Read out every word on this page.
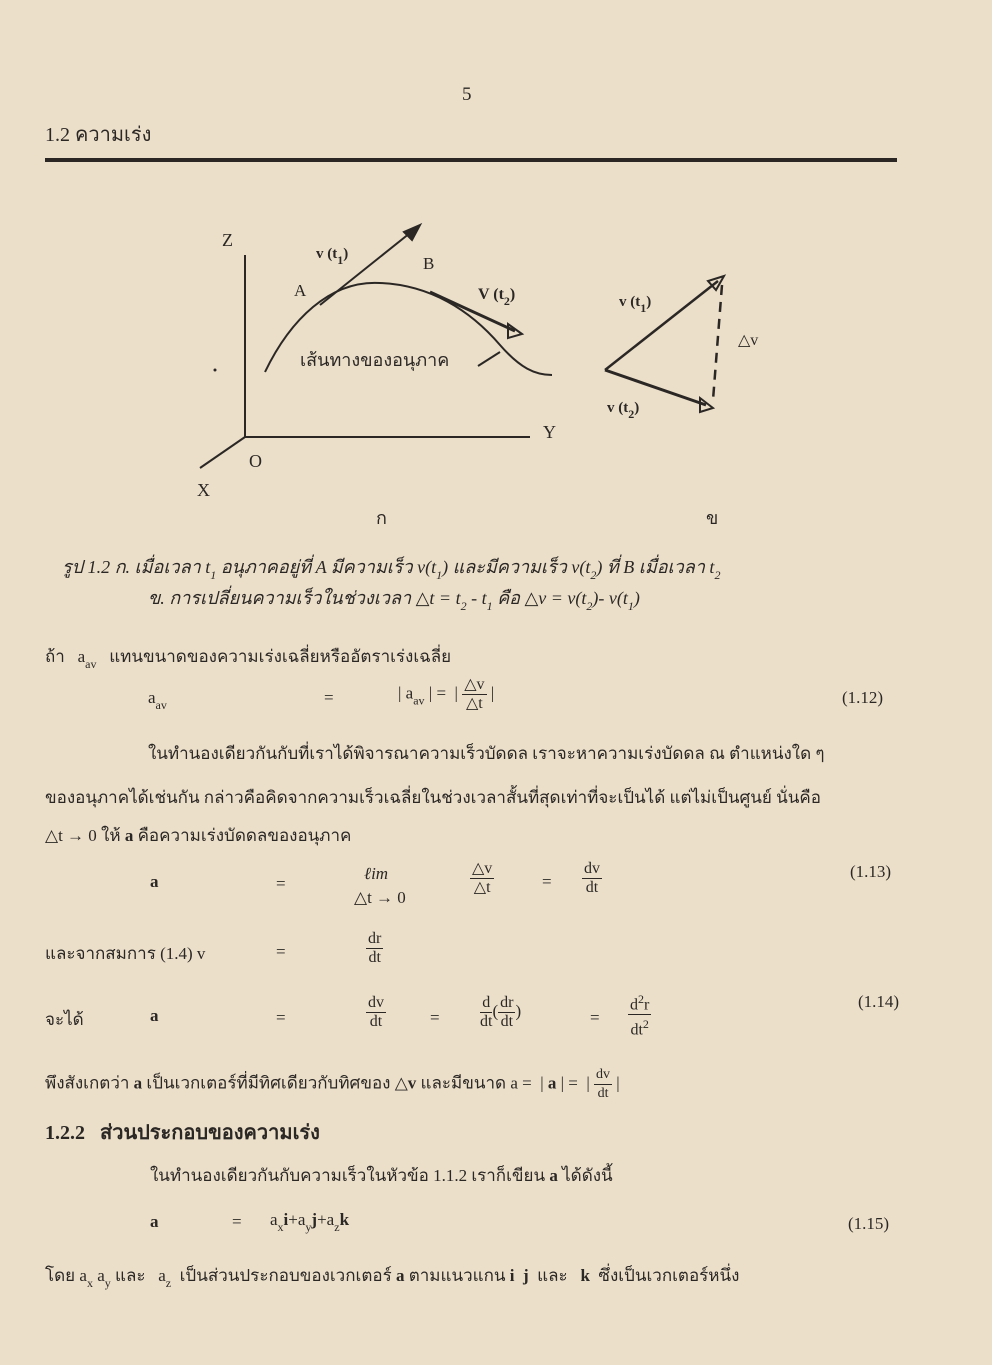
5
1.2 ความเร่ง
Z
Y
X
O
A
B
v $(t_1)$
V $(t_2)$
เส้นทางของอนุภาค
ก
v $(t_1)$
v $(t_2)$
△v
ข
รูป 1.2 ก. เมื่อเวลา $t_1$ อนุภาคอยู่ที่ A มีความเร็ว $v(t_1)$ และมีความเร็ว $v(t_2)$ ที่ B เมื่อเวลา $t_2$
ข. การเปลี่ยนความเร็วในช่วงเวลา △t = $t_2 - t_1$ คือ △v = $v(t_2)-$ $v(t_1)$
ถ้า $a_{av}$ แทนขนาดของความเร่งเฉลี่ยหรืออัตราเร่งเฉลี่ย
$a_{av}$	=	| $a_{av}$ | =  | $\frac{\triangle v}{\triangle t}$ |	(1.12)
ในทำนองเดียวกันกับที่เราได้พิจารณาความเร็วบัดดล เราจะหาความเร่งบัดดล ณ ตำแหน่งใด ๆ
ของอนุภาคได้เช่นกัน กล่าวคือคิดจากความเร็วเฉลี่ยในช่วงเวลาสั้นที่สุดเท่าที่จะเป็นได้ แต่ไม่เป็นศูนย์ นั่นคือ
△t → 0 ให้ a คือความเร่งบัดดลของอนุภาค
a	=
ℓim
△t → 0
$\frac{\triangle v}{\triangle t}$	= $\frac{dv}{dt}$	(1.13)
และจากสมการ (1.4) v	=	$\frac{dr}{dt}$
จะได้	a	=	$\frac{dv}{dt}$	=	$\frac{d}{dt}$ ( $\frac{dr}{dt}$ )	= $\frac{d^2r}{dt^2}$	(1.14)
พึงสังเกตว่า a เป็นเวกเตอร์ที่มีทิศเดียวกับทิศของ △v และมีขนาด a =  | a | =  | $\frac{dv}{dt}$ |
1.2.2 ส่วนประกอบของความเร่ง
ในทำนองเดียวกันกับความเร็วในหัวข้อ 1.1.2 เราก็เขียน a ได้ดังนี้
a	= $a_xi+a_yj+a_zk$	(1.15)
โดย $a_x$ $a_y$ และ $a_z$ เป็นส่วนประกอบของเวกเตอร์ a ตามแนวแกน i j และ k ซึ่งเป็นเวกเตอร์หนึ่ง
